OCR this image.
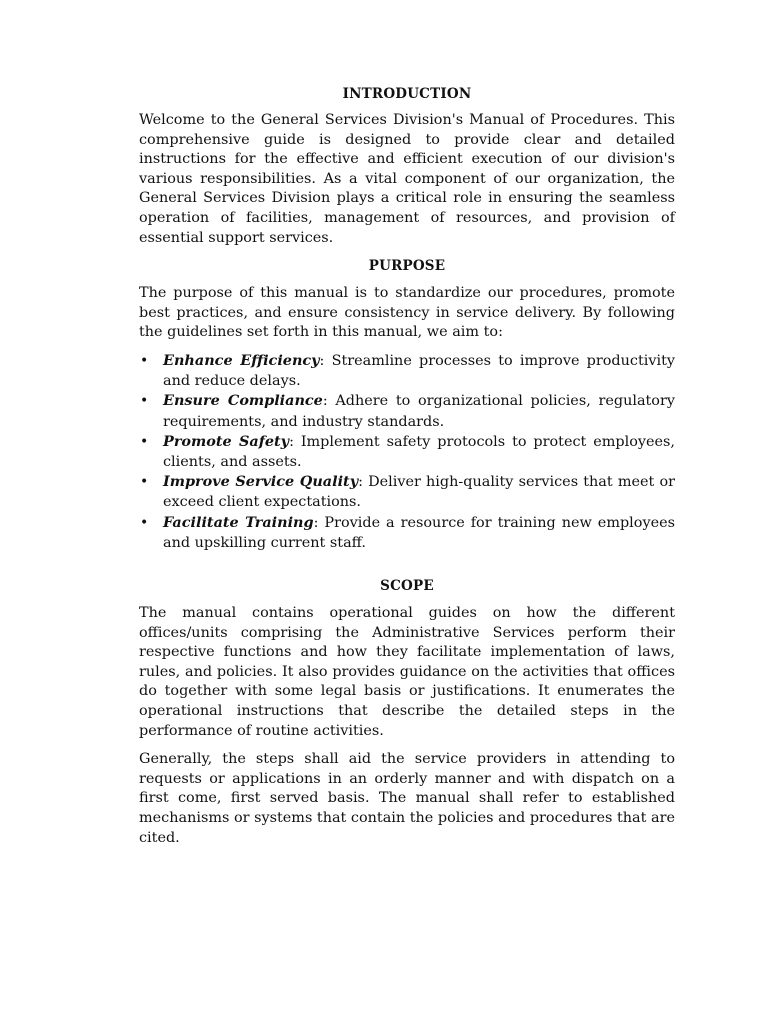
INTRODUCTION

Welcome to the General Services Division's Manual of Procedures. This comprehensive guide is designed to provide clear and detailed instructions for the effective and efficient execution of our division's various responsibilities. As a vital component of our organization, the General Services Division plays a critical role in ensuring the seamless operation of facilities, management of resources, and provision of essential support services.

PURPOSE

The purpose of this manual is to standardize our procedures, promote best practices, and ensure consistency in service delivery. By following the guidelines set forth in this manual, we aim to:

• Enhance Efficiency: Streamline processes to improve productivity and reduce delays.
• Ensure Compliance: Adhere to organizational policies, regulatory requirements, and industry standards.
• Promote Safety: Implement safety protocols to protect employees, clients, and assets.
• Improve Service Quality: Deliver high-quality services that meet or exceed client expectations.
• Facilitate Training: Provide a resource for training new employees and upskilling current staff.
SCOPE

The manual contains operational guides on how the different offices/units comprising the Administrative Services perform their respective functions and how they facilitate implementation of laws, rules, and policies. It also provides guidance on the activities that offices do together with some legal basis or justifications. It enumerates the operational instructions that describe the detailed steps in the performance of routine activities.

Generally, the steps shall aid the service providers in attending to requests or applications in an orderly manner and with dispatch on a first come, first served basis. The manual shall refer to established mechanisms or systems that contain the policies and procedures that are cited.
